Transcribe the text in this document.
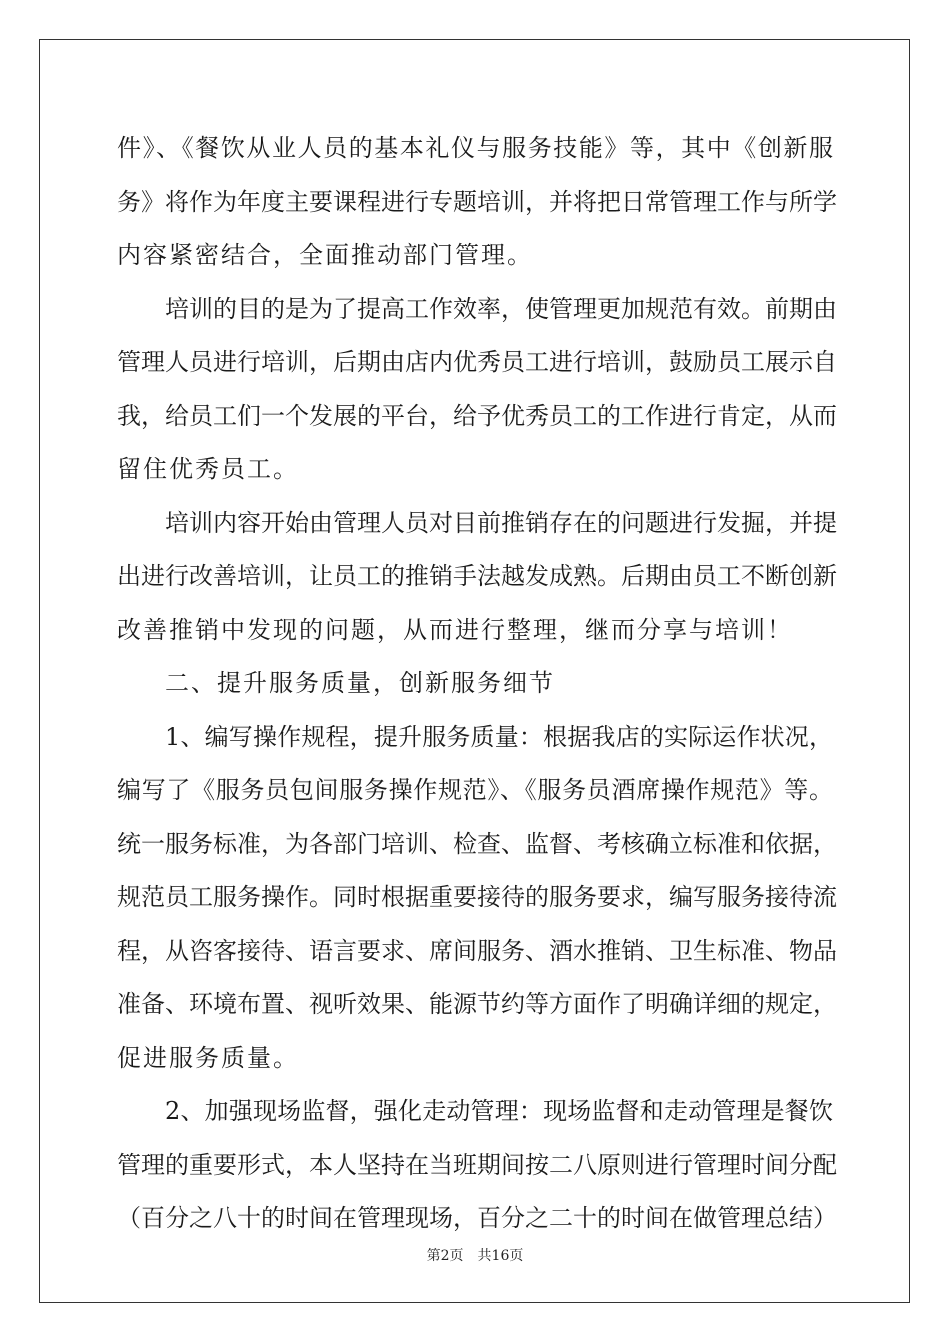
件》、《餐饮从业人员的基本礼仪与服务技能》等，其中《创新服
务》将作为年度主要课程进行专题培训，并将把日常管理工作与所学
内容紧密结合，全面推动部门管理。
培训的目的是为了提高工作效率，使管理更加规范有效。前期由
管理人员进行培训，后期由店内优秀员工进行培训，鼓励员工展示自
我，给员工们一个发展的平台，给予优秀员工的工作进行肯定，从而
留住优秀员工。
培训内容开始由管理人员对目前推销存在的问题进行发掘，并提
出进行改善培训，让员工的推销手法越发成熟。后期由员工不断创新
改善推销中发现的问题，从而进行整理，继而分享与培训！
二、提升服务质量，创新服务细节
1、编写操作规程，提升服务质量：根据我店的实际运作状况，
编写了《服务员包间服务操作规范》、《服务员酒席操作规范》等。
统一服务标准，为各部门培训、检查、监督、考核确立标准和依据，
规范员工服务操作。同时根据重要接待的服务要求，编写服务接待流
程，从咨客接待、语言要求、席间服务、酒水推销、卫生标准、物品
准备、环境布置、视听效果、能源节约等方面作了明确详细的规定，
促进服务质量。
2、加强现场监督，强化走动管理：现场监督和走动管理是餐饮
管理的重要形式，本人坚持在当班期间按二八原则进行管理时间分配
（百分之八十的时间在管理现场，百分之二十的时间在做管理总结）
第2页 共16页
